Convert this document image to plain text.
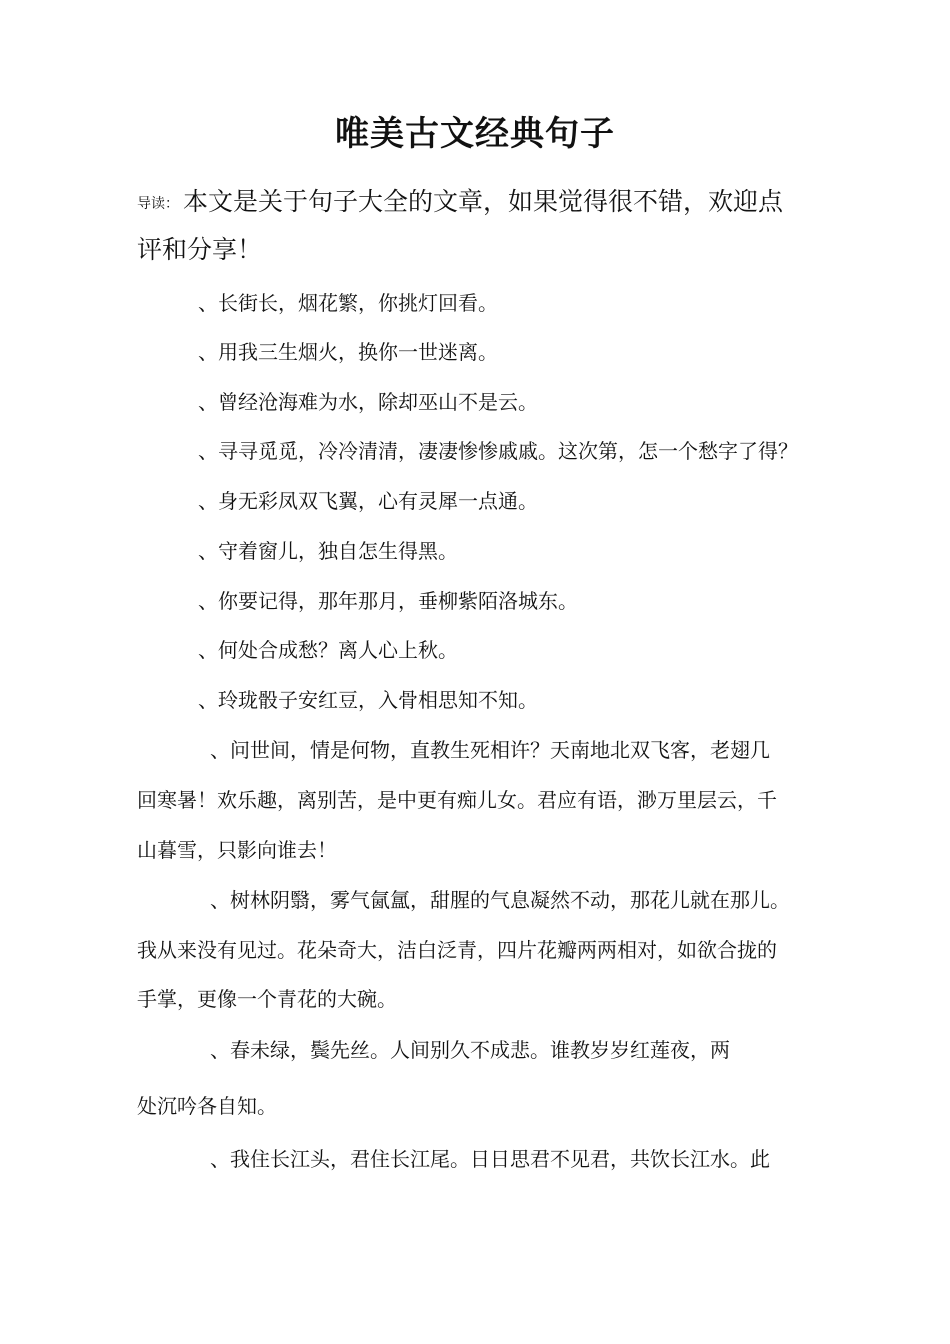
唯美古文经典句子
导读： 本文是关于句子大全的文章，如果觉得很不错，欢迎点
评和分享！
、长街长，烟花繁，你挑灯回看。
、用我三生烟火，换你一世迷离。
、曾经沧海难为水，除却巫山不是云。
、寻寻觅觅，冷冷清清，凄凄惨惨戚戚。这次第，怎一个愁字了得？
、身无彩凤双飞翼，心有灵犀一点通。
、守着窗儿，独自怎生得黑。
、你要记得，那年那月，垂柳紫陌洛城东。
、何处合成愁？离人心上秋。
、玲珑骰子安红豆，入骨相思知不知。
、问世间，情是何物，直教生死相许？天南地北双飞客，老翅几
回寒暑！欢乐趣，离别苦，是中更有痴儿女。君应有语，渺万里层云，千
山暮雪，只影向谁去！
、树林阴翳，雾气氤氲，甜腥的气息凝然不动，那花儿就在那儿。
我从来没有见过。花朵奇大，洁白泛青，四片花瓣两两相对，如欲合拢的
手掌，更像一个青花的大碗。
、春未绿，鬓先丝。人间别久不成悲。谁教岁岁红莲夜，两
处沉吟各自知。
、我住长江头，君住长江尾。日日思君不见君，共饮长江水。此
